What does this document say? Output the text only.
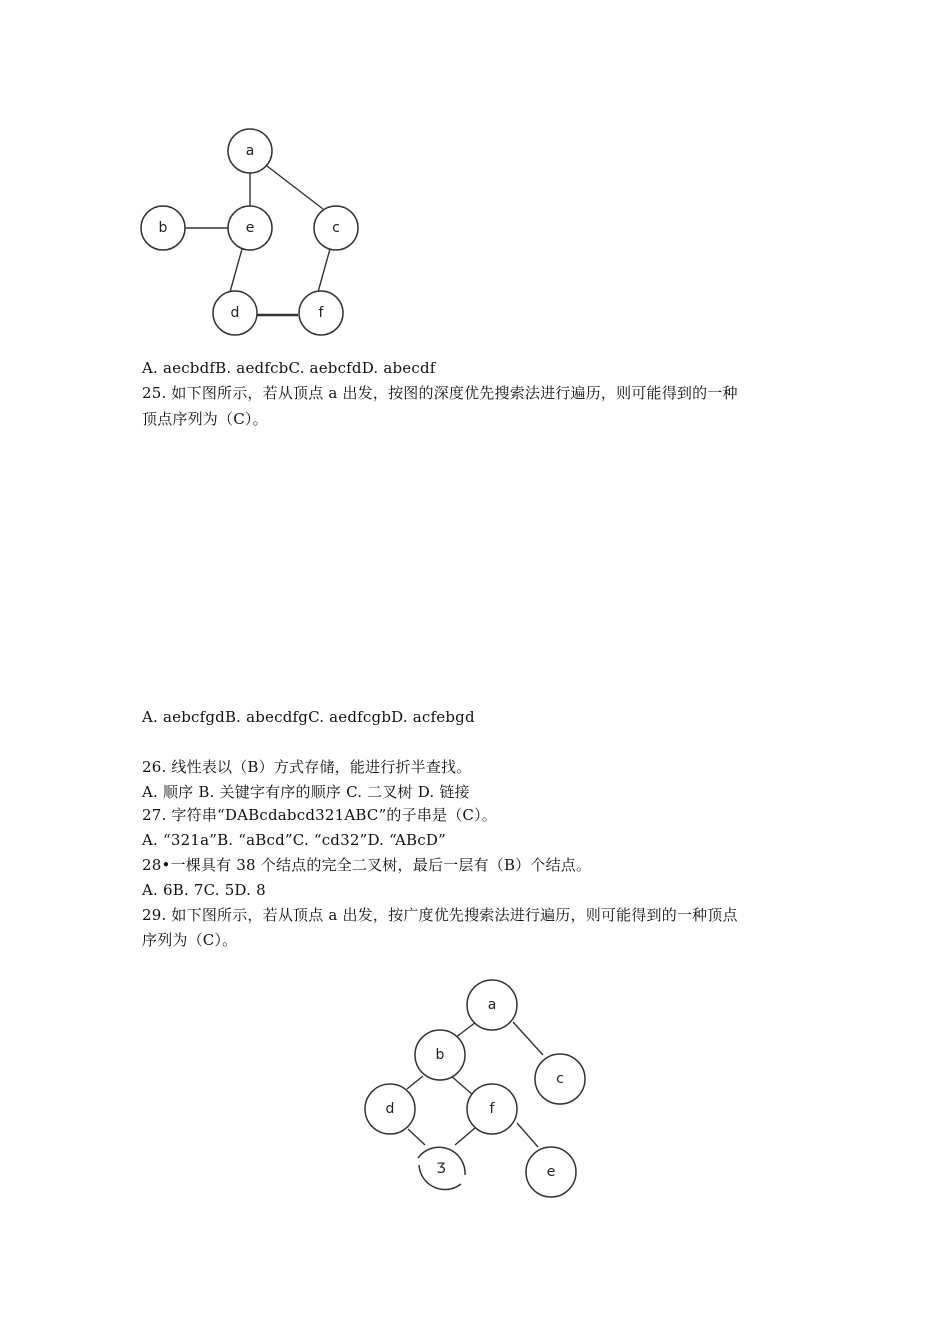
a
b	e	c
d	f
A. aecbdfB. aedfcbC. aebcfdD. abecdf
25. 如下图所示，若从顶点 a 出发，按图的深度优先搜索法进行遍历，则可能得到的一种
顶点序列为（C）。
A. aebcfgdB. abecdfgC. aedfcgbD. acfebgd
26. 线性表以（B）方式存储，能进行折半查找。
A. 顺序 B. 关键字有序的顺序 C. 二叉树 D. 链接
27. 字符串“DABcdabcd321ABC”的子串是（C）。
A. “321a”B. “aBcd”C. “cd32”D. “ABcD”
28•一棵具有 38 个结点的完全二叉树，最后一层有（B）个结点。
A. 6B. 7C. 5D. 8
29. 如下图所示，若从顶点 a 出发，按广度优先搜索法进行遍历，则可能得到的一种顶点
序列为（C）。
a
b
c
d	f
Ʒ	e
